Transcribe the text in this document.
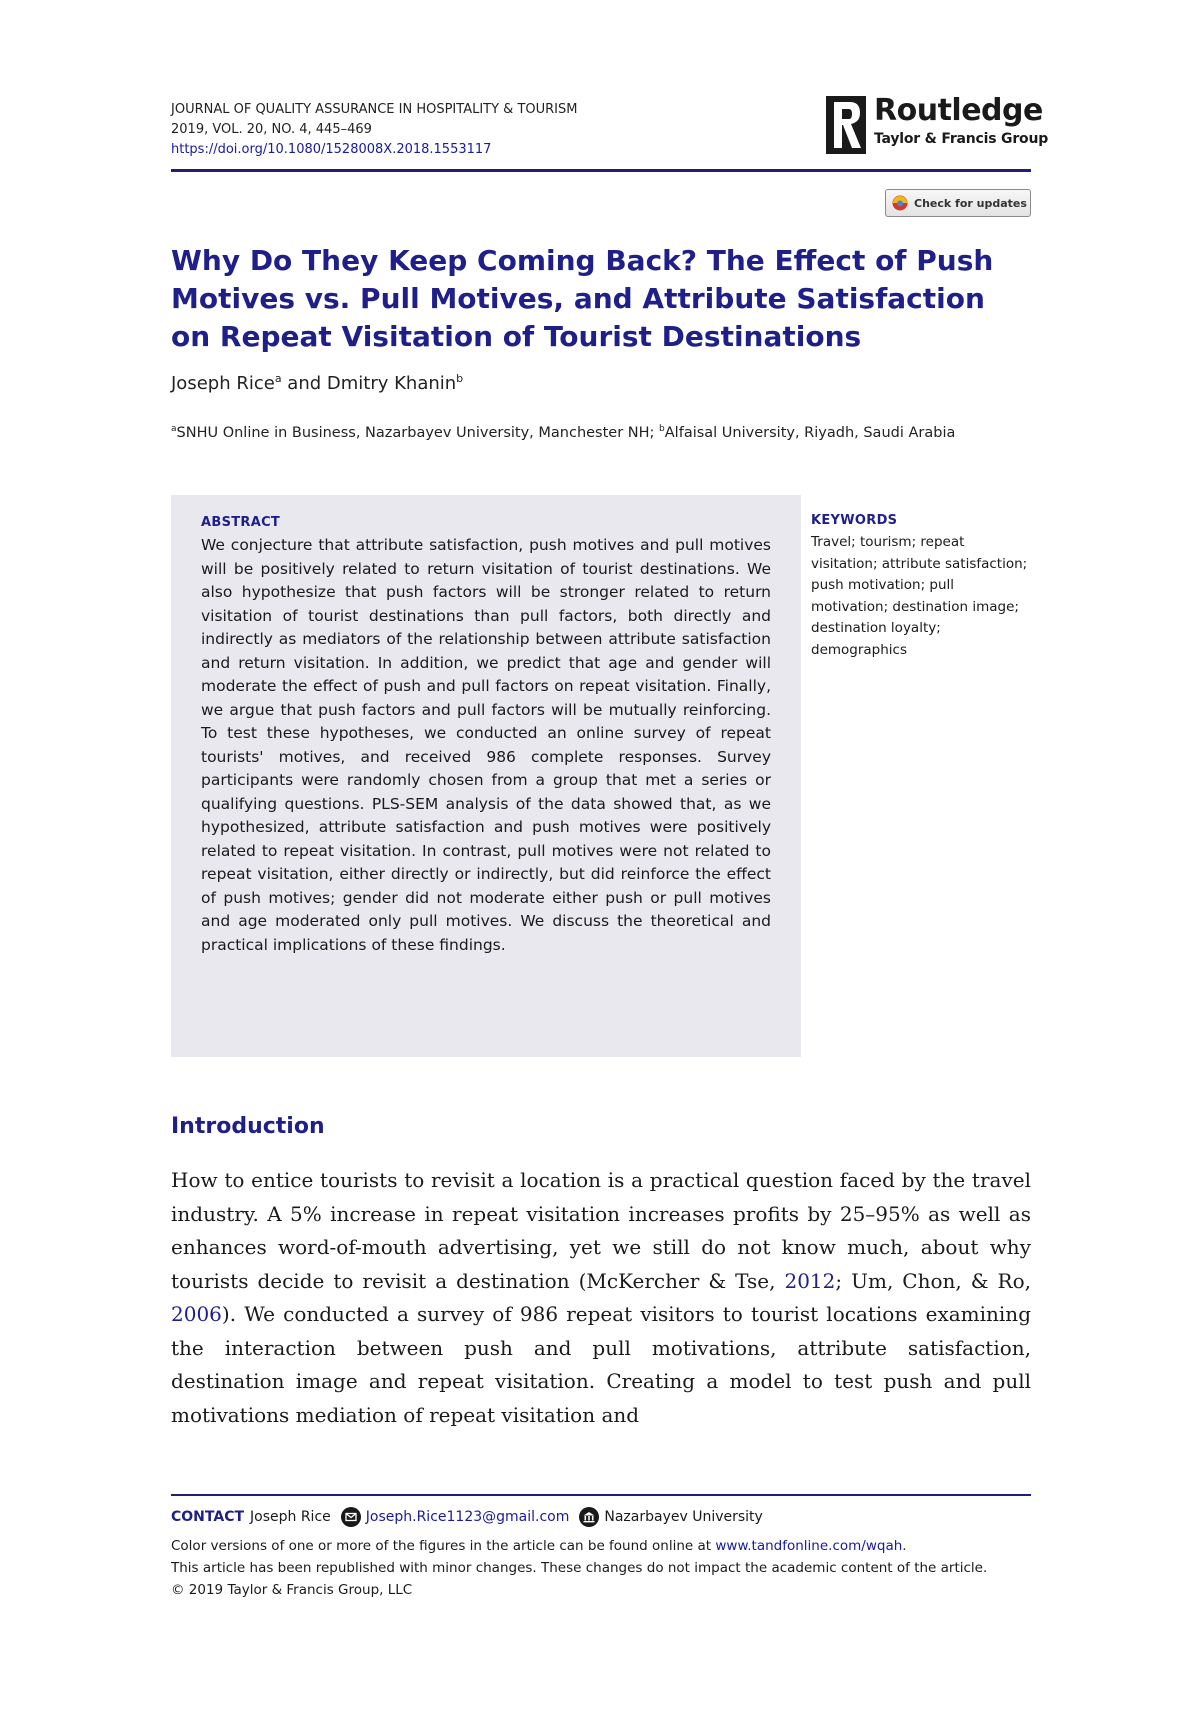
JOURNAL OF QUALITY ASSURANCE IN HOSPITALITY & TOURISM
2019, VOL. 20, NO. 4, 445–469
https://doi.org/10.1080/1528008X.2018.1553117
Routledge
Taylor & Francis Group
Check for updates
Why Do They Keep Coming Back? The Effect of Push Motives vs. Pull Motives, and Attribute Satisfaction on Repeat Visitation of Tourist Destinations
Joseph Rice$^a$ and Dmitry Khanin$^b$
$^a$SNHU Online in Business, Nazarbayev University, Manchester NH; $^b$Alfaisal University, Riyadh, Saudi Arabia
ABSTRACT

We conjecture that attribute satisfaction, push motives and pull motives will be positively related to return visitation of tourist destinations. We also hypothesize that push factors will be stronger related to return visitation of tourist destinations than pull factors, both directly and indirectly as mediators of the relationship between attribute satisfaction and return visitation. In addition, we predict that age and gender will moderate the effect of push and pull factors on repeat visitation. Finally, we argue that push factors and pull factors will be mutually reinforcing. To test these hypotheses, we conducted an online survey of repeat tourists' motives, and received 986 complete responses. Survey participants were randomly chosen from a group that met a series or qualifying questions. PLS-SEM analysis of the data showed that, as we hypothesized, attribute satisfaction and push motives were positively related to repeat visitation. In contrast, pull motives were not related to repeat visitation, either directly or indirectly, but did reinforce the effect of push motives; gender did not moderate either push or pull motives and age moderated only pull motives. We discuss the theoretical and practical implications of these findings.

KEYWORDS
Travel; tourism; repeat visitation; attribute satisfaction; push motivation; pull motivation; destination image; destination loyalty; demographics
Introduction

How to entice tourists to revisit a location is a practical question faced by the travel industry. A 5% increase in repeat visitation increases profits by 25–95% as well as enhances word-of-mouth advertising, yet we still do not know much, about why tourists decide to revisit a destination (McKercher & Tse, 2012; Um, Chon, & Ro, 2006). We conducted a survey of 986 repeat visitors to tourist locations examining the interaction between push and pull motivations, attribute satisfaction, destination image and repeat visitation. Creating a model to test push and pull motivations mediation of repeat visitation and

CONTACT Joseph Rice	Joseph.Rice1123@gmail.com	Nazarbayev University
Color versions of one or more of the figures in the article can be found online at www.tandfonline.com/wqah.
This article has been republished with minor changes. These changes do not impact the academic content of the article.
© 2019 Taylor & Francis Group, LLC
